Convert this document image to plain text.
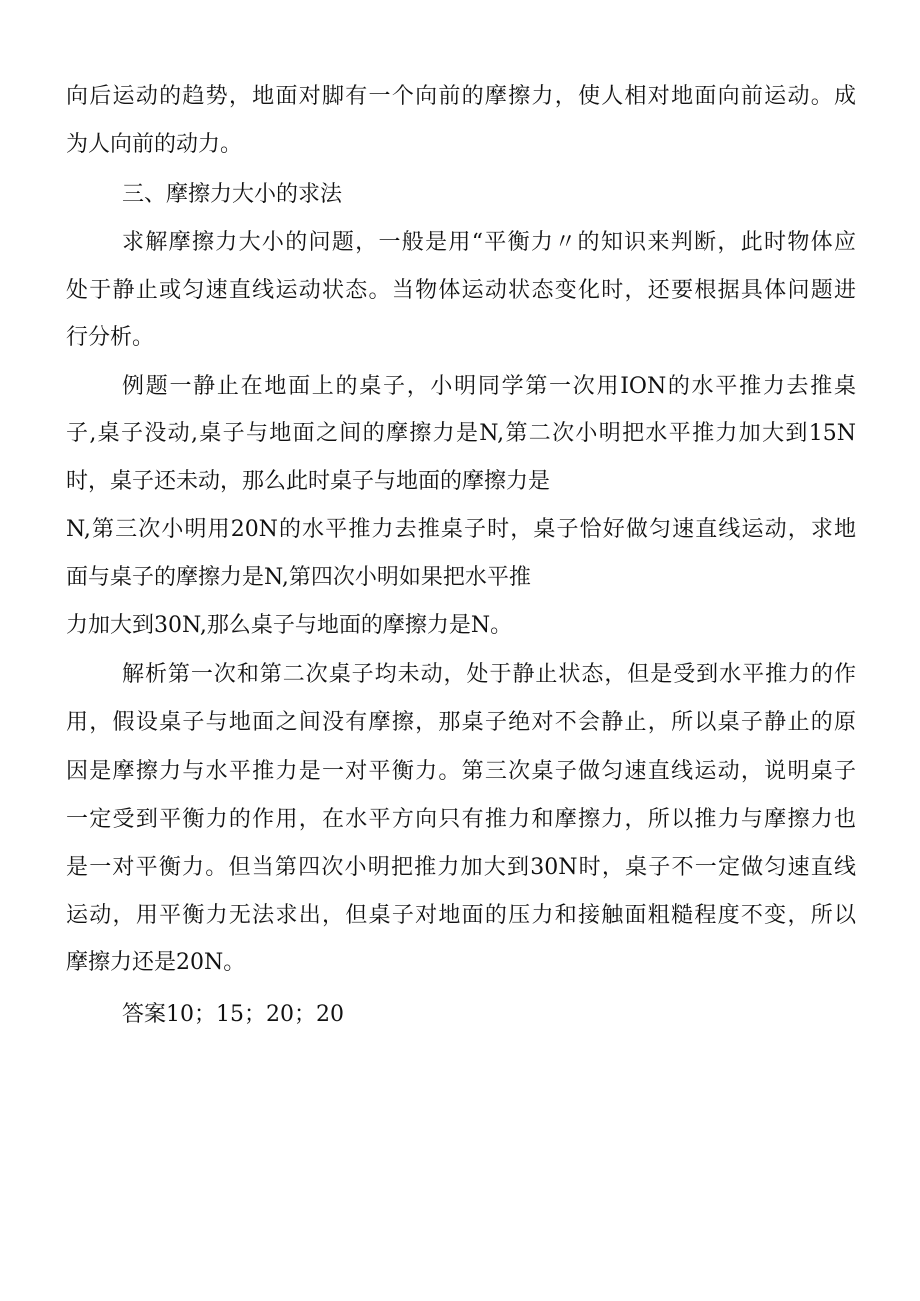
向后运动的趋势，地面对脚有一个向前的摩擦力，使人相对地面向前运动。成
为人向前的动力。
三、摩擦力大小的求法
求解摩擦力大小的问题，一般是用“平衡力〃的知识来判断，此时物体应
处于静止或匀速直线运动状态。当物体运动状态变化时，还要根据具体问题进
行分析。
例题一静止在地面上的桌子，小明同学第一次用ION的水平推力去推桌
子,桌子没动,桌子与地面之间的摩擦力是N,第二次小明把水平推力加大到15N
时，桌子还未动，那么此时桌子与地面的摩擦力是
N,第三次小明用20N的水平推力去推桌子时，桌子恰好做匀速直线运动，求地
面与桌子的摩擦力是N,第四次小明如果把水平推
力加大到30N,那么桌子与地面的摩擦力是N。
解析第一次和第二次桌子均未动，处于静止状态，但是受到水平推力的作
用，假设桌子与地面之间没有摩擦，那桌子绝对不会静止，所以桌子静止的原
因是摩擦力与水平推力是一对平衡力。第三次桌子做匀速直线运动，说明桌子
一定受到平衡力的作用，在水平方向只有推力和摩擦力，所以推力与摩擦力也
是一对平衡力。但当第四次小明把推力加大到30N时，桌子不一定做匀速直线
运动，用平衡力无法求出，但桌子对地面的压力和接触面粗糙程度不变，所以
摩擦力还是20N。
答案10；15；20；20
